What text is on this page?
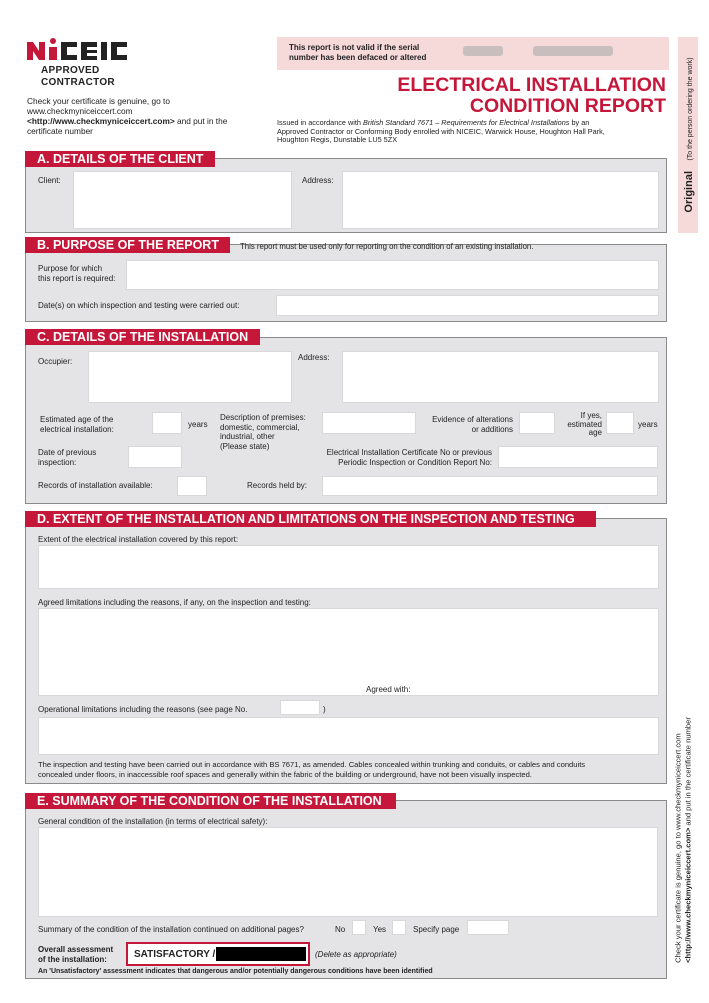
APPROVED
CONTRACTOR
Check your certificate is genuine, go to
www.checkmyniceiccert.com
<http://www.checkmyniceiccert.com> and put in the
certificate number
This report is not valid if the serial
number has been defaced or altered
ELECTRICAL INSTALLATION
CONDITION REPORT
Issued in accordance with British Standard 7671 – Requirements for Electrical Installations by an
Approved Contractor or Conforming Body enrolled with NICEIC, Warwick House, Houghton Hall Park,
Houghton Regis, Dunstable LU5 5ZX
Original (To the person ordering the work)
Check your certificate is genuine, go to www.checkmyniceiccert.com <http://www.checkmyniceiccert.com> and put in the certificate number
A. DETAILS OF THE CLIENT
Client:	Address:
B. PURPOSE OF THE REPORT	This report must be used only for reporting on the condition of an existing installation.
Purpose for which
this report is required:
Date(s) on which inspection and testing were carried out:
C. DETAILS OF THE INSTALLATION
Occupier:	Address:
Estimated age of the
electrical installation:	years
Description of premises:
domestic, commercial,
industrial, other
(Please state)
Evidence of alterations
or additions
If yes,
estimated
age
years
Date of previous
inspection:
Electrical Installation Certificate No or previous
Periodic Inspection or Condition Report No:
Records of installation available:	Records held by:
D. EXTENT OF THE INSTALLATION AND LIMITATIONS ON THE INSPECTION AND TESTING
Extent of the electrical installation covered by this report:
Agreed limitations including the reasons, if any, on the inspection and testing:
Agreed with:
Operational limitations including the reasons (see page No.	)
The inspection and testing have been carried out in accordance with BS 7671, as amended. Cables concealed within trunking and conduits, or cables and conduits
concealed under floors, in inaccessible roof spaces and generally within the fabric of the building or underground, have not been visually inspected.
E. SUMMARY OF THE CONDITION OF THE INSTALLATION
General condition of the installation (in terms of electrical safety):
Summary of the condition of the installation continued on additional pages?	No	Yes	Specify page
Overall assessment
of the installation:	SATISFACTORY /	(Delete as appropriate)
An 'Unsatisfactory' assessment indicates that dangerous and/or potentially dangerous conditions have been identified
